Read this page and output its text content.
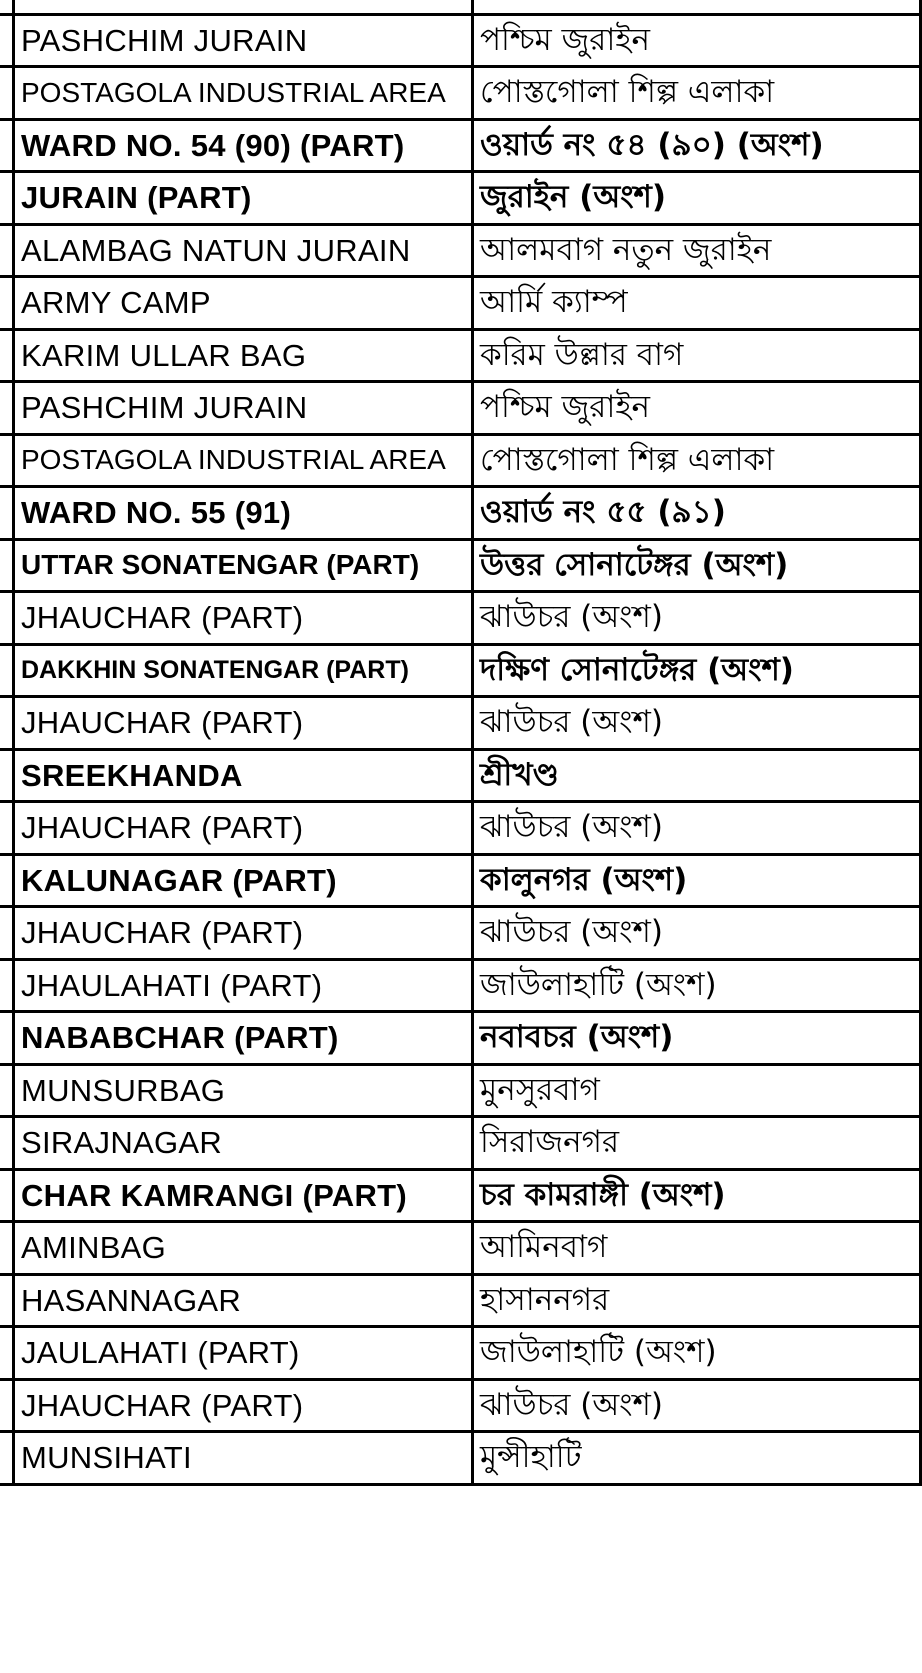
	PASHCHIM JURAIN	পশ্চিম জুরাইন	
	POSTAGOLA INDUSTRIAL AREA	পোস্তগোলা শিল্প এলাকা	
	WARD NO. 54 (90) (PART)	ওয়ার্ড নং ৫৪ (৯০) (অংশ)	
	JURAIN (PART)	জুরাইন (অংশ)	
	ALAMBAG NATUN JURAIN	আলমবাগ নতুন জুরাইন	
	ARMY CAMP	আর্মি ক্যাম্প	
	KARIM ULLAR BAG	করিম উল্লার বাগ	
	PASHCHIM JURAIN	পশ্চিম জুরাইন	
	POSTAGOLA INDUSTRIAL AREA	পোস্তগোলা শিল্প এলাকা	
	WARD NO. 55 (91)	ওয়ার্ড নং ৫৫ (৯১)	
	UTTAR SONATENGAR (PART)	উত্তর সোনাটেঙ্গর (অংশ)	
	JHAUCHAR (PART)	ঝাউচর (অংশ)	
	DAKKHIN SONATENGAR (PART)	দক্ষিণ সোনাটেঙ্গর (অংশ)	
	JHAUCHAR (PART)	ঝাউচর (অংশ)	
	SREEKHANDA	শ্রীখণ্ড	
	JHAUCHAR (PART)	ঝাউচর (অংশ)	
	KALUNAGAR (PART)	কালুনগর (অংশ)	
	JHAUCHAR (PART)	ঝাউচর (অংশ)	
	JHAULAHATI (PART)	জাউলাহাটি (অংশ)	
	NABABCHAR (PART)	নবাবচর (অংশ)	
	MUNSURBAG	মুনসুরবাগ	
	SIRAJNAGAR	সিরাজনগর	
	CHAR KAMRANGI (PART)	চর কামরাঙ্গী (অংশ)	
	AMINBAG	আমিনবাগ	
	HASANNAGAR	হাসাননগর	
	JAULAHATI (PART)	জাউলাহাটি (অংশ)	
	JHAUCHAR (PART)	ঝাউচর (অংশ)	
	MUNSIHATI	মুন্সীহাটি	
